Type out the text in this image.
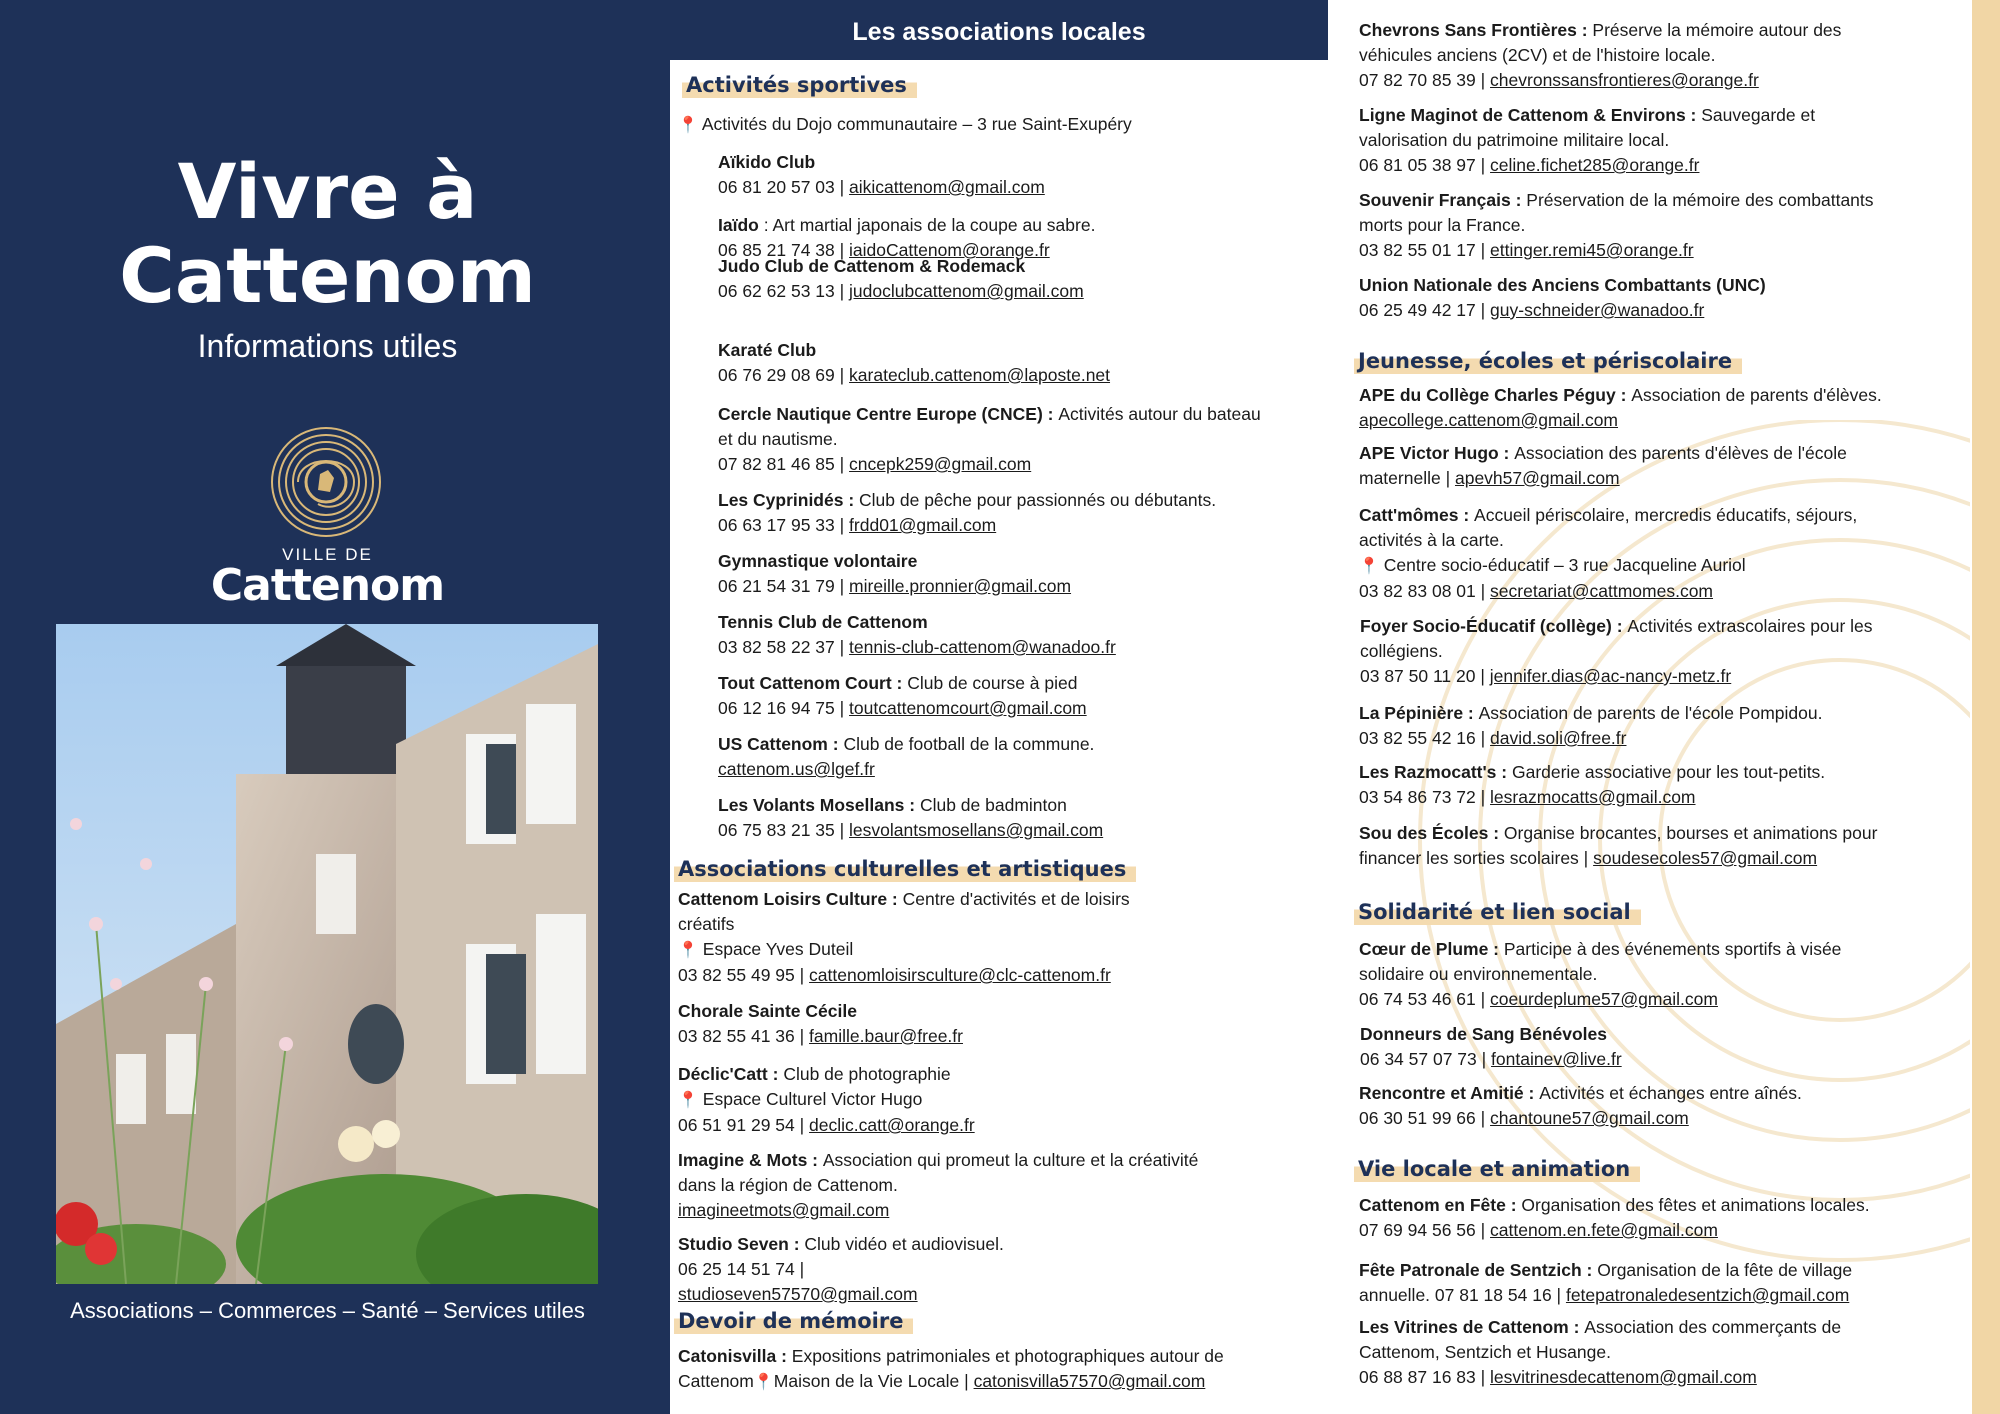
Vivre à
Cattenom
Informations utiles
VILLE DE
Cattenom
Associations – Commerces – Santé – Services utiles
Les associations locales
Activités sportives
📍 Activités du Dojo communautaire – 3 rue Saint-Exupéry
Aïkido Club
06 81 20 57 03 | aikicattenom@gmail.com
Iaïdo : Art martial japonais de la coupe au sabre.
06 85 21 74 38 | iaidoCattenom@orange.fr
Judo Club de Cattenom & Rodemack
06 62 62 53 13 | judoclubcattenom@gmail.com
Karaté Club
06 76 29 08 69 | karateclub.cattenom@laposte.net
Cercle Nautique Centre Europe (CNCE) : Activités autour du bateau
et du nautisme.
07 82 81 46 85 | cncepk259@gmail.com
Les Cyprinidés : Club de pêche pour passionnés ou débutants.
06 63 17 95 33 | frdd01@gmail.com
Gymnastique volontaire
06 21 54 31 79 | mireille.pronnier@gmail.com
Tennis Club de Cattenom
03 82 58 22 37 | tennis-club-cattenom@wanadoo.fr
Tout Cattenom Court : Club de course à pied
06 12 16 94 75 | toutcattenomcourt@gmail.com
US Cattenom : Club de football de la commune.
cattenom.us@lgef.fr
Les Volants Mosellans : Club de badminton
06 75 83 21 35 | lesvolantsmosellans@gmail.com
Associations culturelles et artistiques
Cattenom Loisirs Culture : Centre d'activités et de loisirs
créatifs
📍 Espace Yves Duteil
03 82 55 49 95 | cattenomloisirsculture@clc-cattenom.fr
Chorale Sainte Cécile
03 82 55 41 36 | famille.baur@free.fr
Déclic'Catt : Club de photographie
📍 Espace Culturel Victor Hugo
06 51 91 29 54 | declic.catt@orange.fr
Imagine & Mots : Association qui promeut la culture et la créativité
dans la région de Cattenom.
imagineetmots@gmail.com
Studio Seven : Club vidéo et audiovisuel.
06 25 14 51 74 |
studioseven57570@gmail.com
Devoir de mémoire
Catonisvilla : Expositions patrimoniales et photographiques autour de
Cattenom📍Maison de la Vie Locale | catonisvilla57570@gmail.com
Chevrons Sans Frontières : Préserve la mémoire autour des
véhicules anciens (2CV) et de l'histoire locale.
07 82 70 85 39 | chevronssansfrontieres@orange.fr
Ligne Maginot de Cattenom & Environs : Sauvegarde et
valorisation du patrimoine militaire local.
06 81 05 38 97 | celine.fichet285@orange.fr
Souvenir Français : Préservation de la mémoire des combattants
morts pour la France.
03 82 55 01 17 | ettinger.remi45@orange.fr
Union Nationale des Anciens Combattants (UNC)
06 25 49 42 17 | guy-schneider@wanadoo.fr
Jeunesse, écoles et périscolaire
APE du Collège Charles Péguy : Association de parents d'élèves.
apecollege.cattenom@gmail.com
APE Victor Hugo : Association des parents d'élèves de l'école
maternelle | apevh57@gmail.com
Catt'mômes : Accueil périscolaire, mercredis éducatifs, séjours,
activités à la carte.
📍 Centre socio-éducatif – 3 rue Jacqueline Auriol
03 82 83 08 01 | secretariat@cattmomes.com
Foyer Socio-Éducatif (collège) : Activités extrascolaires pour les
collégiens.
03 87 50 11 20 | jennifer.dias@ac-nancy-metz.fr
La Pépinière : Association de parents de l'école Pompidou.
03 82 55 42 16 | david.soli@free.fr
Les Razmocatt's : Garderie associative pour les tout-petits.
03 54 86 73 72 | lesrazmocatts@gmail.com
Sou des Écoles : Organise brocantes, bourses et animations pour
financer les sorties scolaires | soudesecoles57@gmail.com
Solidarité et lien social
Cœur de Plume : Participe à des événements sportifs à visée
solidaire ou environnementale.
06 74 53 46 61 | coeurdeplume57@gmail.com
Donneurs de Sang Bénévoles
06 34 57 07 73 | fontainev@live.fr
Rencontre et Amitié : Activités et échanges entre aînés.
06 30 51 99 66 | chantoune57@gmail.com
Vie locale et animation
Cattenom en Fête : Organisation des fêtes et animations locales.
07 69 94 56 56 | cattenom.en.fete@gmail.com
Fête Patronale de Sentzich : Organisation de la fête de village
annuelle. 07 81 18 54 16 | fetepatronaledesentzich@gmail.com
Les Vitrines de Cattenom : Association des commerçants de
Cattenom, Sentzich et Husange.
06 88 87 16 83 | lesvitrinesdecattenom@gmail.com
